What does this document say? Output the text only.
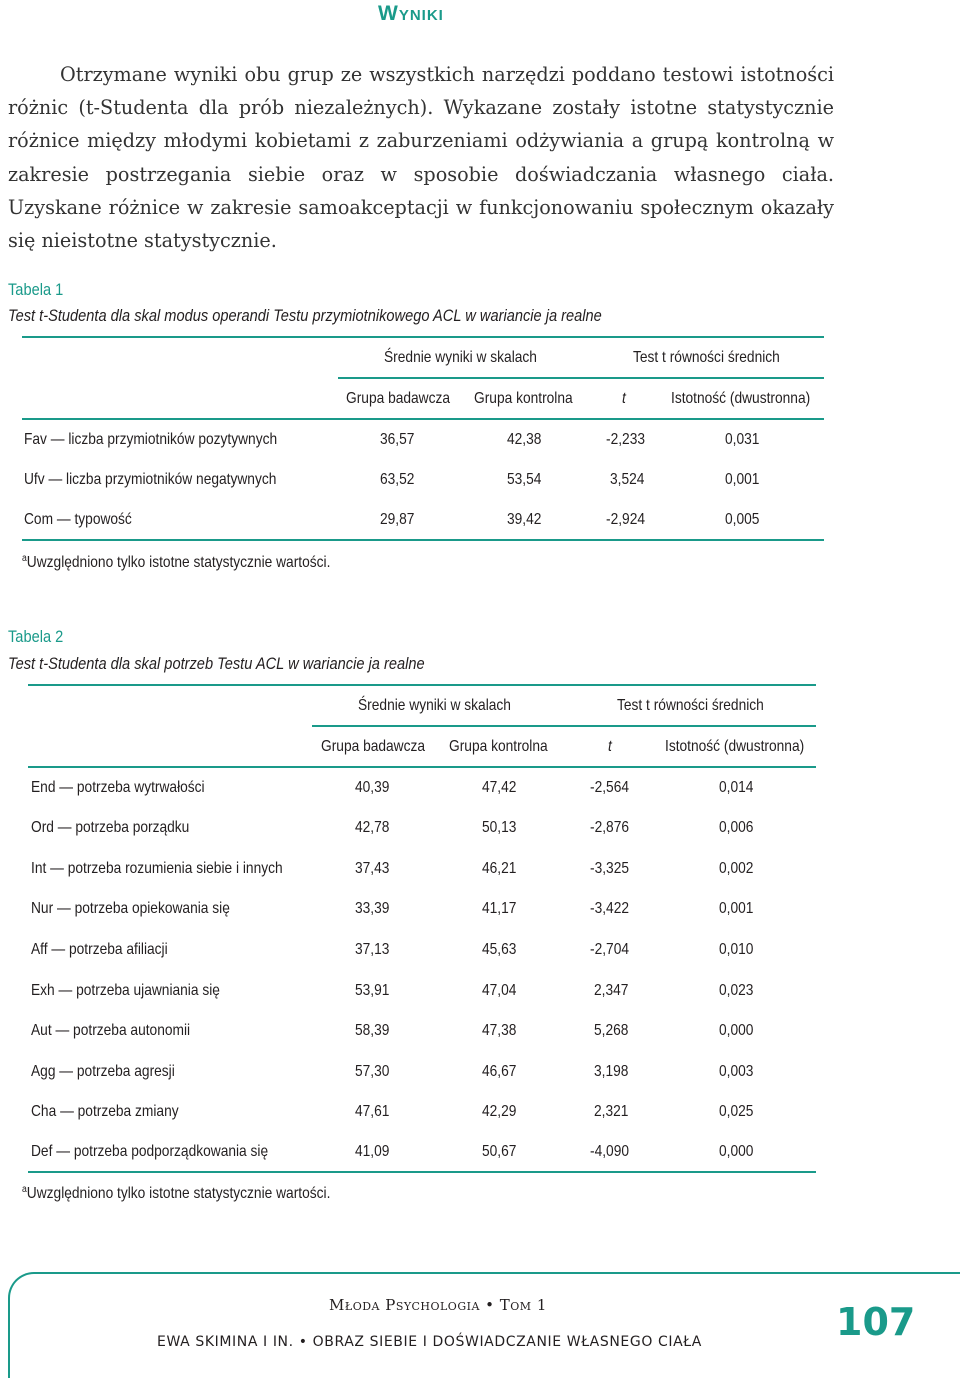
Wyniki

Otrzymane wyniki obu grup ze wszystkich narzędzi poddano testowi istotności różnic (t-Studenta dla prób niezależnych). Wykazane zostały istotne statystycznie różnice między młodymi kobietami z zaburzeniami odżywiania a grupą kontrolną w zakresie postrzegania siebie oraz w sposobie doświadczania własnego ciała. Uzyskane różnice w zakresie samoakceptacji w funkcjonowaniu społecznym okazały się nieistotne statystycznie.

Tabela 1
Test t-Studenta dla skal modus operandi Testu przymiotnikowego ACL w wariancie ja realne
Średnie wyniki w skalach	Test t równości średnich
Grupa badawcza Grupa kontrolna	t	Istotność (dwustronna)
Fav — liczba przymiotników pozytywnych	36,57	42,38	-2,233	0,031
Ufv — liczba przymiotników negatywnych	63,52	53,54	3,524	0,001
Com — typowość	29,87	39,42	-2,924	0,005
$^a$Uwzględniono tylko istotne statystycznie wartości.
Tabela 2
Test t-Studenta dla skal potrzeb Testu ACL w wariancie ja realne
Średnie wyniki w skalach	Test t równości średnich
Grupa badawcza Grupa kontrolna	t	Istotność (dwustronna)
End — potrzeba wytrwałości	40,39	47,42	-2,564	0,014
Ord — potrzeba porządku	42,78	50,13	-2,876	0,006
Int — potrzeba rozumienia siebie i innych	37,43	46,21	-3,325	0,002
Nur — potrzeba opiekowania się	33,39	41,17	-3,422	0,001
Aff — potrzeba afiliacji	37,13	45,63	-2,704	0,010
Exh — potrzeba ujawniania się	53,91	47,04	2,347	0,023
Aut — potrzeba autonomii	58,39	47,38	5,268	0,000
Agg — potrzeba agresji	57,30	46,67	3,198	0,003
Cha — potrzeba zmiany	47,61	42,29	2,321	0,025
Def — potrzeba podporządkowania się	41,09	50,67	-4,090	0,000
$^a$Uwzględniono tylko istotne statystycznie wartości.
Młoda Psychologia • Tom 1
EWA SKIMINA I IN. • OBRAZ SIEBIE I DOŚWIADCZANIE WŁASNEGO CIAŁA	107
